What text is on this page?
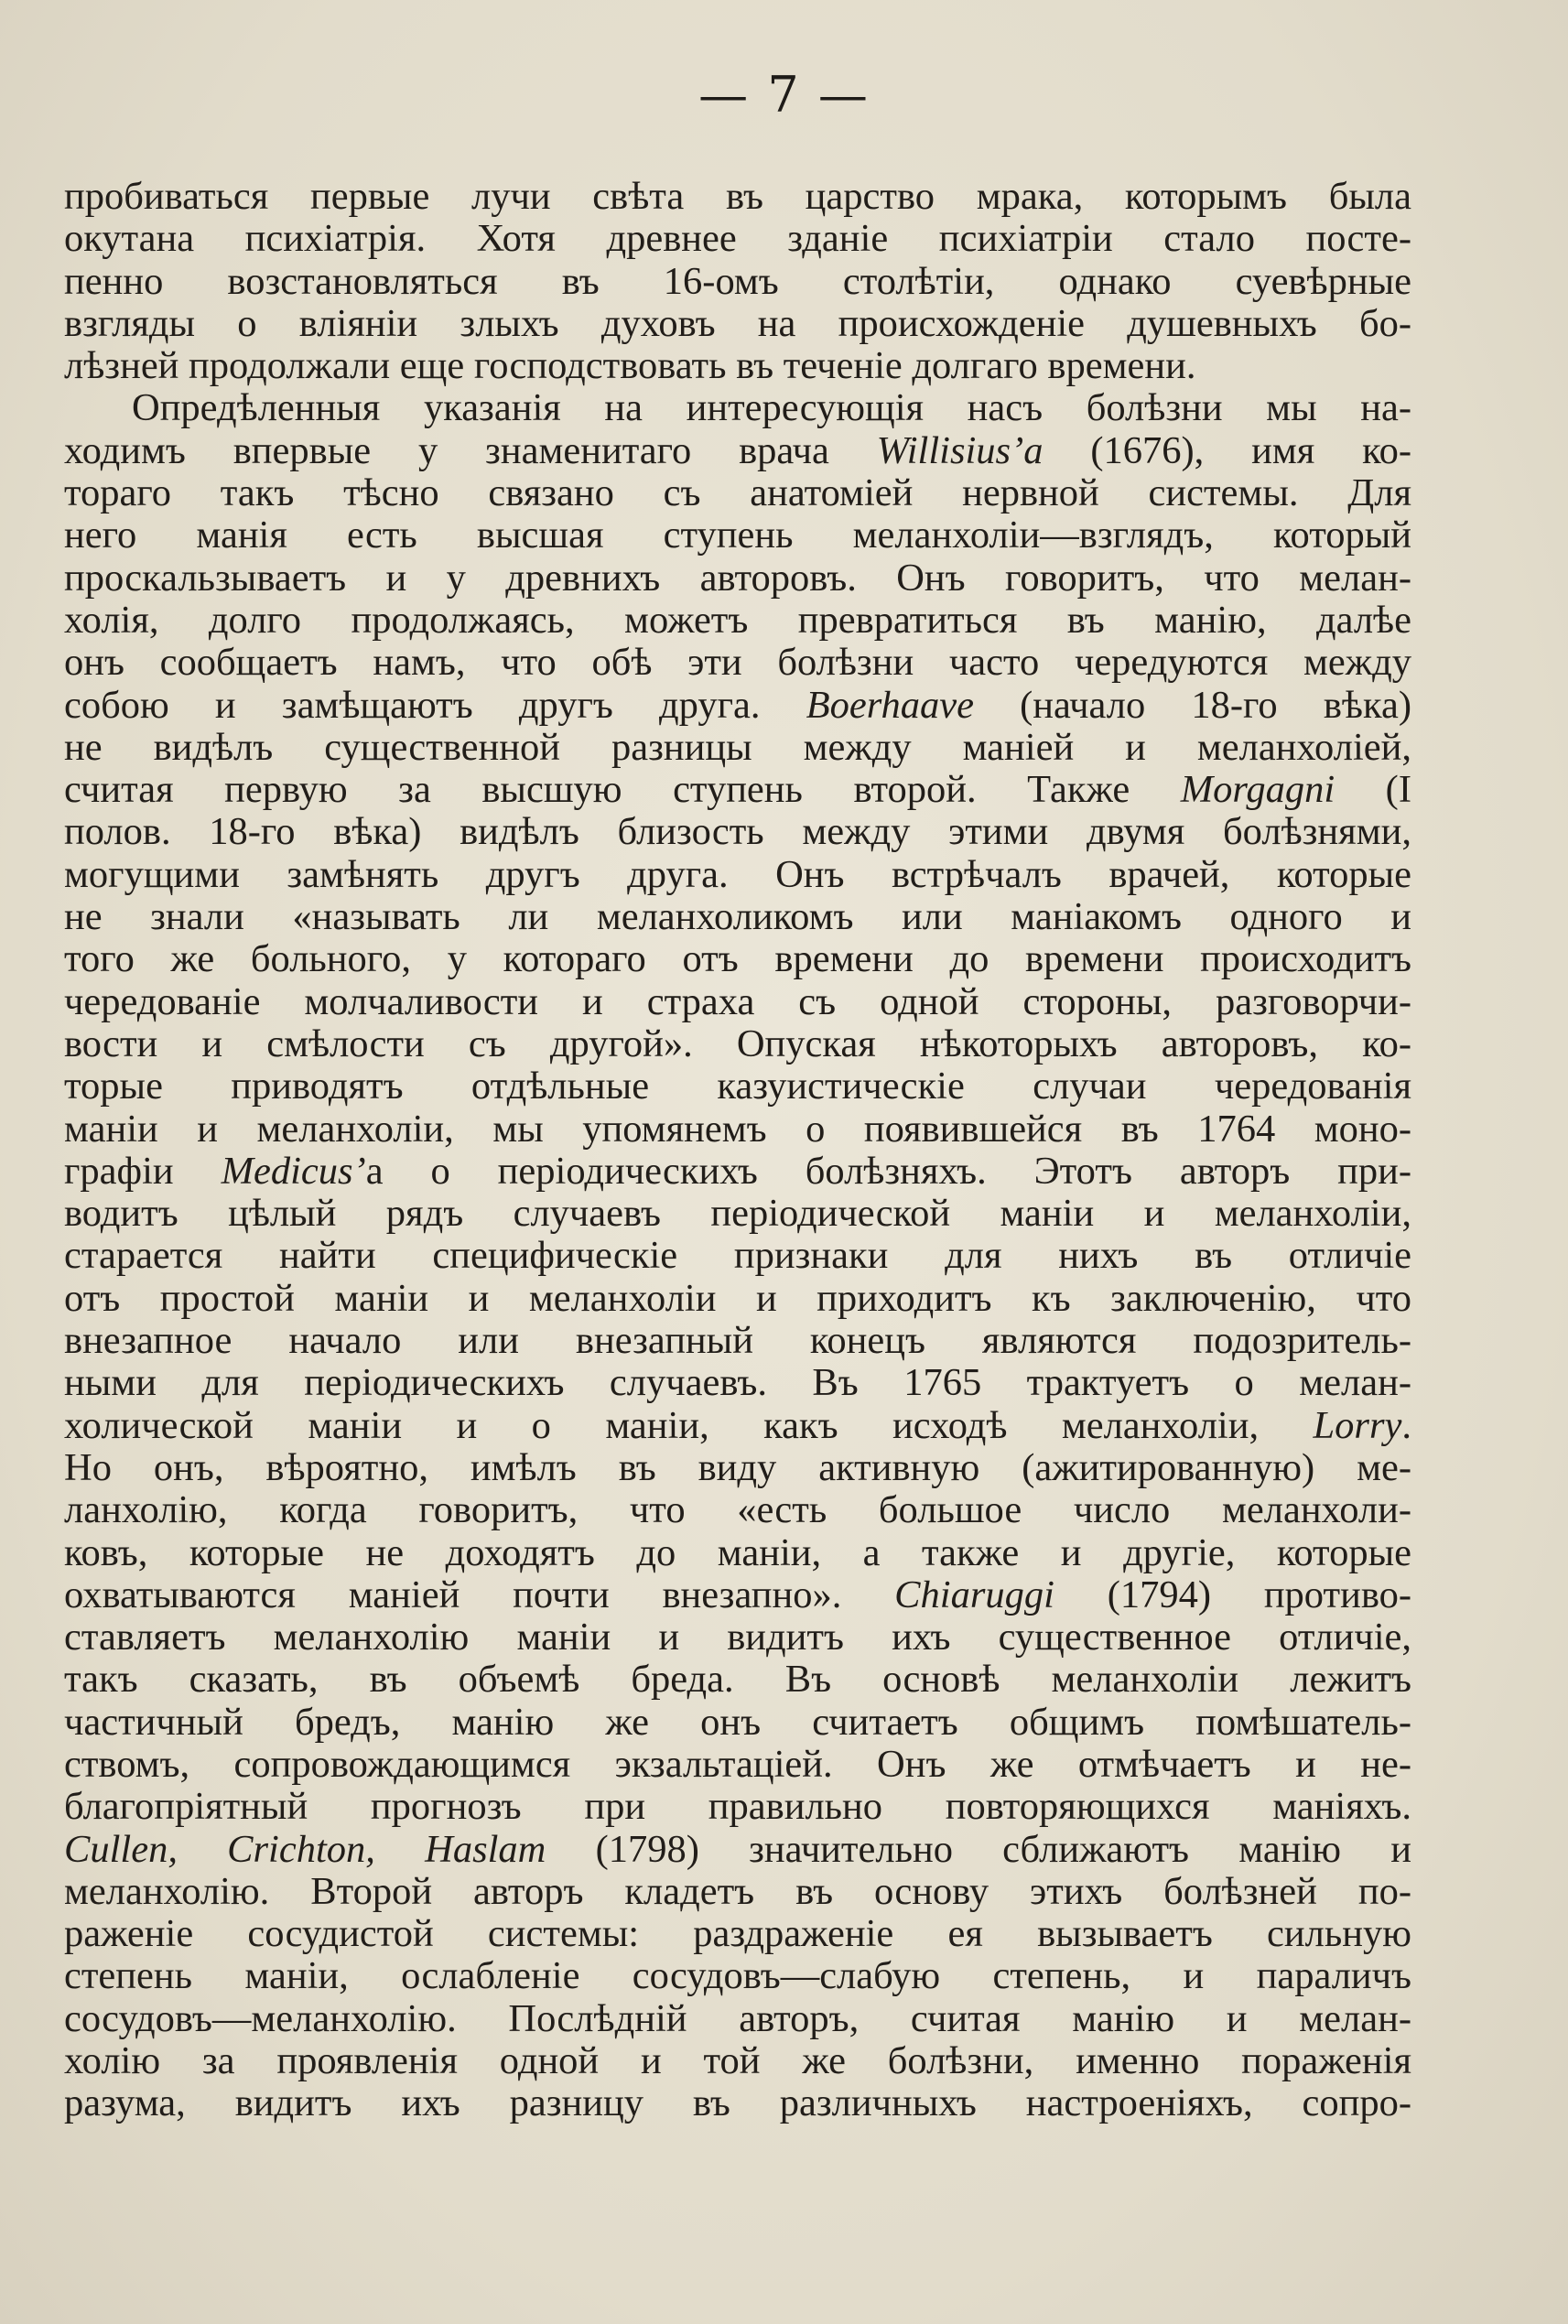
— 7 —
пробиваться первые лучи свѣта въ царство мрака, которымъ была
окутана психіатрія. Хотя древнее зданіе психіатріи стало посте-
пенно возстановляться въ 16-омъ столѣтіи, однако суевѣрные
взгляды о вліяніи злыхъ духовъ на происхожденіе душевныхъ бо-
лѣзней продолжали еще господствовать въ теченіе долгаго времени.
Опредѣленныя указанія на интересующія насъ болѣзни мы на-
ходимъ впервые у знаменитаго врача Willisius’a (1676), имя ко-
тораго такъ тѣсно связано съ анатоміей нервной системы. Для
него манія есть высшая ступень меланхоліи—взглядъ, который
проскальзываетъ и у древнихъ авторовъ. Онъ говоритъ, что мелан-
холія, долго продолжаясь, можетъ превратиться въ манію, далѣе
онъ сообщаетъ намъ, что обѣ эти болѣзни часто чередуются между
собою и замѣщаютъ другъ друга. Boerhaave (начало 18-го вѣка)
не видѣлъ существенной разницы между маніей и меланхоліей,
считая первую за высшую ступень второй. Также Morgagni (I
полов. 18-го вѣка) видѣлъ близость между этими двумя болѣзнями,
могущими замѣнять другъ друга. Онъ встрѣчалъ врачей, которые
не знали «называть ли меланхоликомъ или маніакомъ одного и
того же больного, у котораго отъ времени до времени происходитъ
чередованіе молчаливости и страха съ одной стороны, разговорчи-
вости и смѣлости съ другой». Опуская нѣкоторыхъ авторовъ, ко-
торые приводятъ отдѣльные казуистическіе случаи чередованія
маніи и меланхоліи, мы упомянемъ о появившейся въ 1764 моно-
графіи Medicus’а о періодическихъ болѣзняхъ. Этотъ авторъ при-
водитъ цѣлый рядъ случаевъ періодической маніи и меланхоліи,
старается найти специфическіе признаки для нихъ въ отличіе
отъ простой маніи и меланхоліи и приходитъ къ заключенію, что
внезапное начало или внезапный конецъ являются подозритель-
ными для періодическихъ случаевъ. Въ 1765 трактуетъ о мелан-
холической маніи и о маніи, какъ исходѣ меланхоліи, Lorry.
Но онъ, вѣроятно, имѣлъ въ виду активную (ажитированную) ме-
ланхолію, когда говоритъ, что «есть большое число меланхоли-
ковъ, которые не доходятъ до маніи, а также и другіе, которые
охватываются маніей почти внезапно». Chiaruggi (1794) противо-
ставляетъ меланхолію маніи и видитъ ихъ существенное отличіе,
такъ сказать, въ объемѣ бреда. Въ основѣ меланхоліи лежитъ
частичный бредъ, манію же онъ считаетъ общимъ помѣшатель-
ствомъ, сопровождающимся экзальтаціей. Онъ же отмѣчаетъ и не-
благопріятный прогнозъ при правильно повторяющихся маніяхъ.
Cullen, Crichton, Haslam (1798) значительно сближаютъ манію и
меланхолію. Второй авторъ кладетъ въ основу этихъ болѣзней по-
раженіе сосудистой системы: раздраженіе ея вызываетъ сильную
степень маніи, ослабленіе сосудовъ—слабую степень, и параличъ
сосудовъ—меланхолію. Послѣдній авторъ, считая манію и мелан-
холію за проявленія одной и той же болѣзни, именно пораженія
разума, видитъ ихъ разницу въ различныхъ настроеніяхъ, сопро-
